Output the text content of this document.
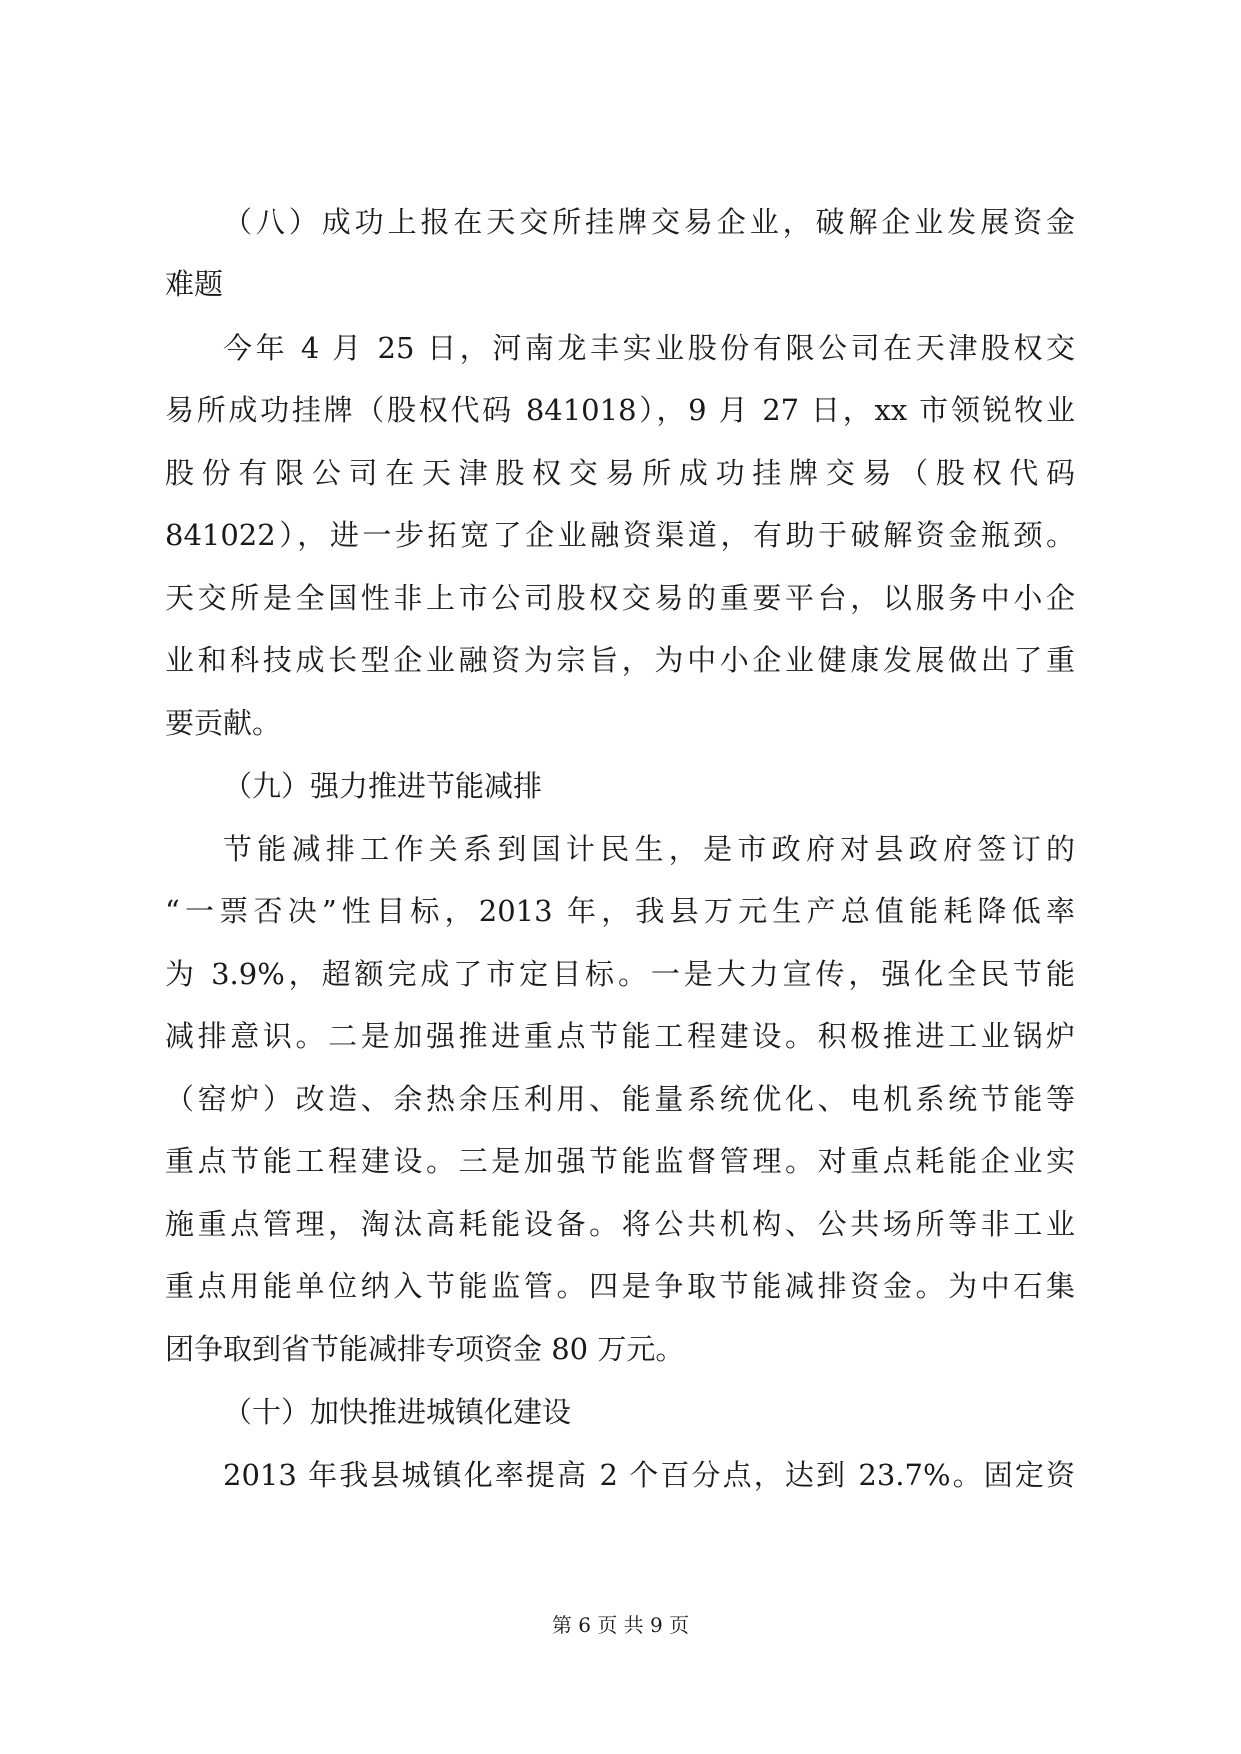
（八）成功上报在天交所挂牌交易企业，破解企业发展资金
难题
今年 4 月 25 日，河南龙丰实业股份有限公司在天津股权交
易所成功挂牌（股权代码 841018），9 月 27 日，xx 市领锐牧业
股份有限公司在天津股权交易所成功挂牌交易（股权代码
841022），进一步拓宽了企业融资渠道，有助于破解资金瓶颈。
天交所是全国性非上市公司股权交易的重要平台，以服务中小企
业和科技成长型企业融资为宗旨，为中小企业健康发展做出了重
要贡献。
（九）强力推进节能减排
节能减排工作关系到国计民生，是市政府对县政府签订的
“一票否决”性目标，2013 年，我县万元生产总值能耗降低率
为 3.9%，超额完成了市定目标。一是大力宣传，强化全民节能
减排意识。二是加强推进重点节能工程建设。积极推进工业锅炉
（窑炉）改造、余热余压利用、能量系统优化、电机系统节能等
重点节能工程建设。三是加强节能监督管理。对重点耗能企业实
施重点管理，淘汰高耗能设备。将公共机构、公共场所等非工业
重点用能单位纳入节能监管。四是争取节能减排资金。为中石集
团争取到省节能减排专项资金 80 万元。
（十）加快推进城镇化建设
2013 年我县城镇化率提高 2 个百分点，达到 23.7%。固定资
第 6 页 共 9 页
